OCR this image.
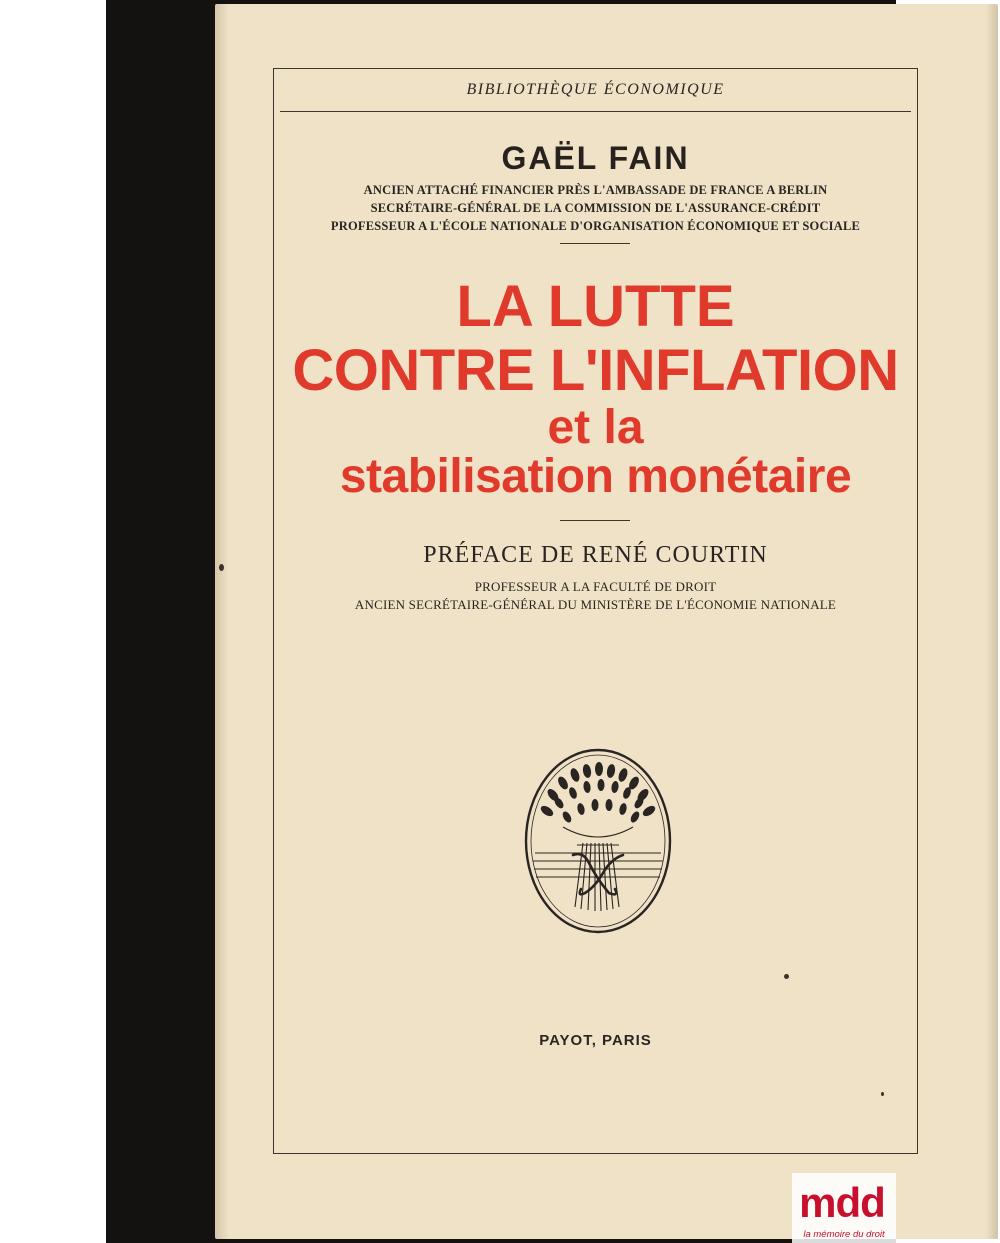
BIBLIOTHÈQUE ÉCONOMIQUE
GAËL FAIN
ANCIEN ATTACHÉ FINANCIER PRÈS L'AMBASSADE DE FRANCE A BERLIN
SECRÉTAIRE-GÉNÉRAL DE LA COMMISSION DE L'ASSURANCE-CRÉDIT
PROFESSEUR A L'ÉCOLE NATIONALE D'ORGANISATION ÉCONOMIQUE ET SOCIALE
LA LUTTE
CONTRE L'INFLATION
et la
stabilisation monétaire
PRÉFACE DE RENÉ COURTIN
PROFESSEUR A LA FACULTÉ DE DROIT
ANCIEN SECRÉTAIRE-GÉNÉRAL DU MINISTÈRE DE L'ÉCONOMIE NATIONALE
PAYOT, PARIS
mdd
la mémoire du droit
